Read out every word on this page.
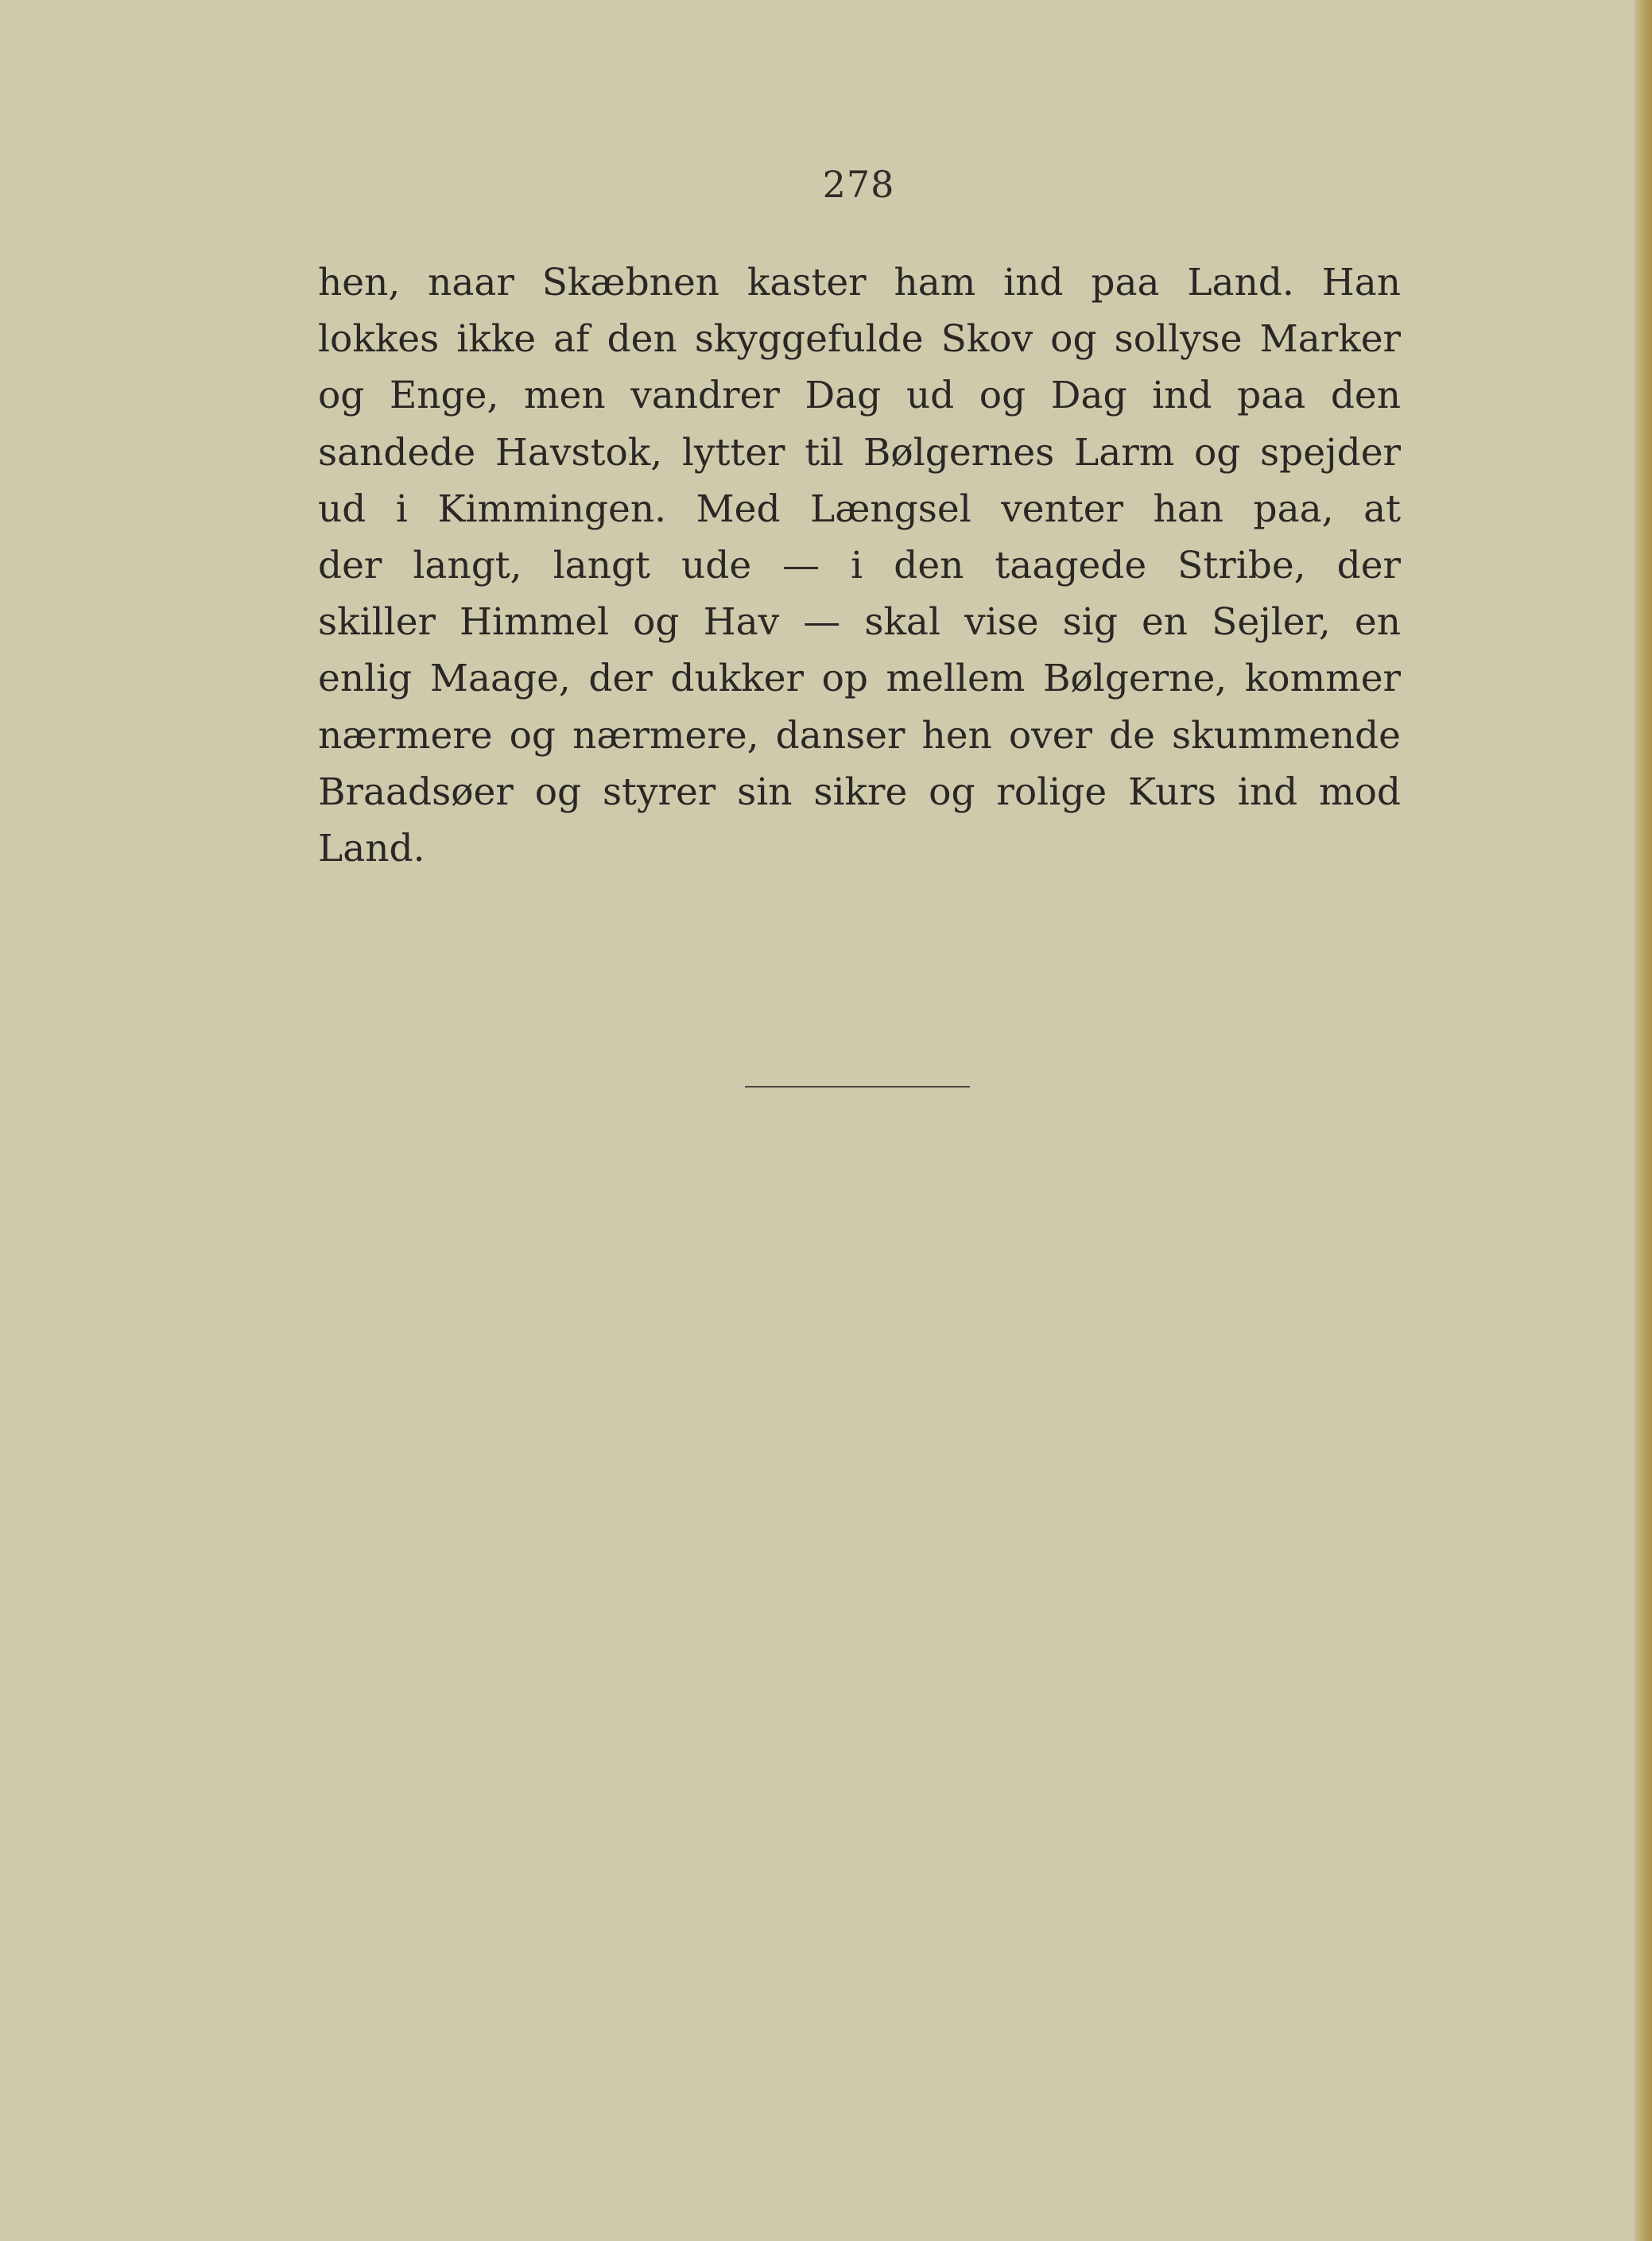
278
hen, naar Skæbnen kaster ham ind paa Land. Han
lokkes ikke af den skyggefulde Skov og sollyse Marker
og Enge, men vandrer Dag ud og Dag ind paa den
sandede Havstok, lytter til Bølgernes Larm og spejder
ud i Kimmingen. Med Længsel venter han paa, at
der langt, langt ude — i den taagede Stribe, der
skiller Himmel og Hav — skal vise sig en Sejler, en
enlig Maage, der dukker op mellem Bølgerne, kommer
nærmere og nærmere, danser hen over de skummende
Braadsøer og styrer sin sikre og rolige Kurs ind mod
Land.
